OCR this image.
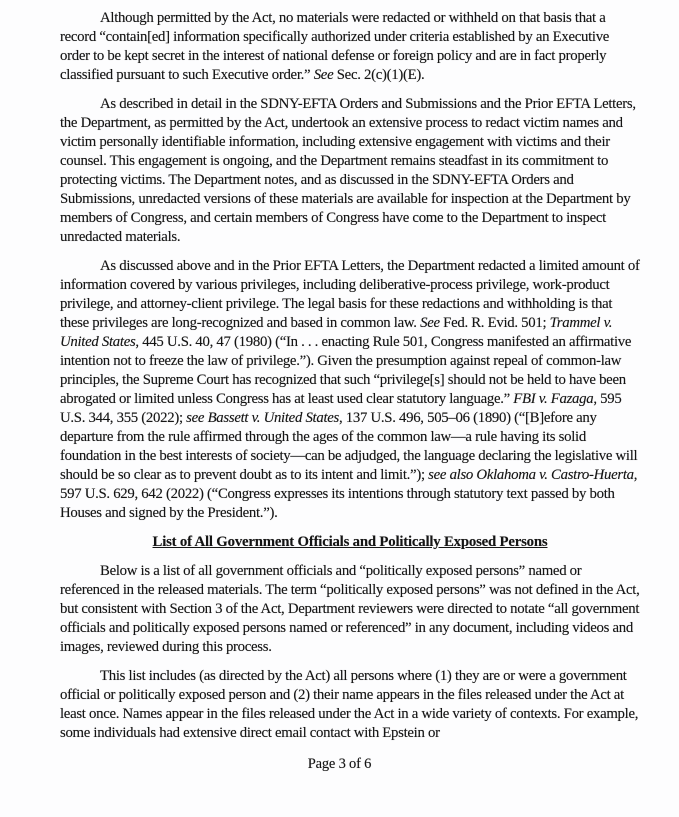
Although permitted by the Act, no materials were redacted or withheld on that basis that a record “contain[ed] information specifically authorized under criteria established by an Executive order to be kept secret in the interest of national defense or foreign policy and are in fact properly classified pursuant to such Executive order.” See Sec. 2(c)(1)(E).

As described in detail in the SDNY-EFTA Orders and Submissions and the Prior EFTA Letters, the Department, as permitted by the Act, undertook an extensive process to redact victim names and victim personally identifiable information, including extensive engagement with victims and their counsel. This engagement is ongoing, and the Department remains steadfast in its commitment to protecting victims. The Department notes, and as discussed in the SDNY-EFTA Orders and Submissions, unredacted versions of these materials are available for inspection at the Department by members of Congress, and certain members of Congress have come to the Department to inspect unredacted materials.

As discussed above and in the Prior EFTA Letters, the Department redacted a limited amount of information covered by various privileges, including deliberative-process privilege, work-product privilege, and attorney-client privilege. The legal basis for these redactions and withholding is that these privileges are long-recognized and based in common law. See Fed. R. Evid. 501; Trammel v. United States, 445 U.S. 40, 47 (1980) (“In . . . enacting Rule 501, Congress manifested an affirmative intention not to freeze the law of privilege.”). Given the presumption against repeal of common-law principles, the Supreme Court has recognized that such “privilege[s] should not be held to have been abrogated or limited unless Congress has at least used clear statutory language.” FBI v. Fazaga, 595 U.S. 344, 355 (2022); see Bassett v. United States, 137 U.S. 496, 505–06 (1890) (“[B]efore any departure from the rule affirmed through the ages of the common law—a rule having its solid foundation in the best interests of society—can be adjudged, the language declaring the legislative will should be so clear as to prevent doubt as to its intent and limit.”); see also Oklahoma v. Castro-Huerta, 597 U.S. 629, 642 (2022) (“Congress expresses its intentions through statutory text passed by both Houses and signed by the President.”).

List of All Government Officials and Politically Exposed Persons

Below is a list of all government officials and “politically exposed persons” named or referenced in the released materials. The term “politically exposed persons” was not defined in the Act, but consistent with Section 3 of the Act, Department reviewers were directed to notate “all government officials and politically exposed persons named or referenced” in any document, including videos and images, reviewed during this process.

This list includes (as directed by the Act) all persons where (1) they are or were a government official or politically exposed person and (2) their name appears in the files released under the Act at least once. Names appear in the files released under the Act in a wide variety of contexts. For example, some individuals had extensive direct email contact with Epstein or

Page 3 of 6
